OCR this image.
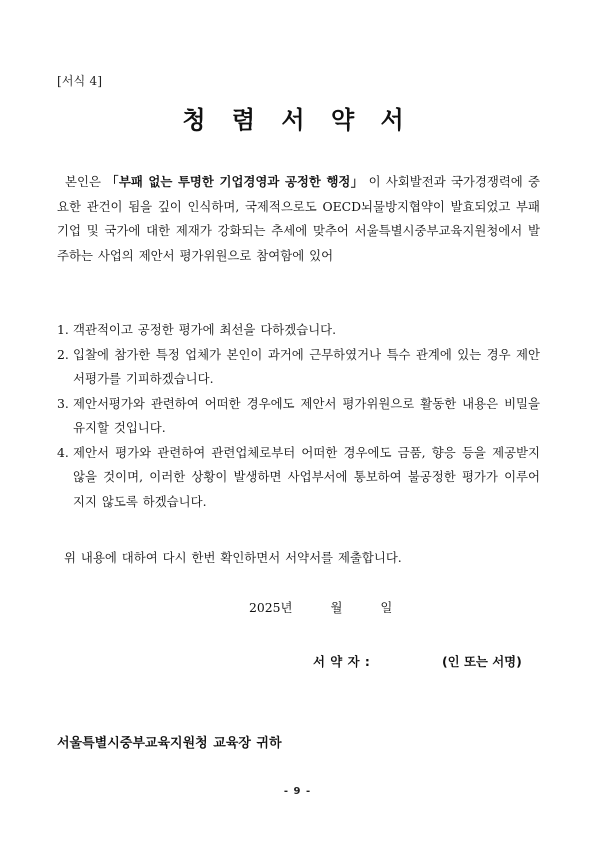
[서식 4]
청 렴 서 약 서
본인은 「부패 없는 투명한 기업경영과 공정한 행정」 이 사회발전과 국가경쟁력에 중요한 관건이 됨을 깊이 인식하며, 국제적으로도 OECD뇌물방지협약이 발효되었고 부패기업 및 국가에 대한 제재가 강화되는 추세에 맞추어 서울특별시중부교육지원청에서 발주하는 사업의 제안서 평가위원으로 참여함에 있어
1. 객관적이고 공정한 평가에 최선을 다하겠습니다.
2. 입찰에 참가한 특정 업체가 본인이 과거에 근무하였거나 특수 관계에 있는 경우 제안서평가를 기피하겠습니다.
3. 제안서평가와 관련하여 어떠한 경우에도 제안서 평가위원으로 활동한 내용은 비밀을 유지할 것입니다.
4. 제안서 평가와 관련하여 관련업체로부터 어떠한 경우에도 금품, 향응 등을 제공받지 않을 것이며, 이러한 상황이 발생하면 사업부서에 통보하여 불공정한 평가가 이루어지지 않도록 하겠습니다.
위 내용에 대하여 다시 한번 확인하면서 서약서를 제출합니다.
2025년	월	일
서 약 자 :	(인 또는 서명)
서울특별시중부교육지원청 교육장 귀하
- 9 -
